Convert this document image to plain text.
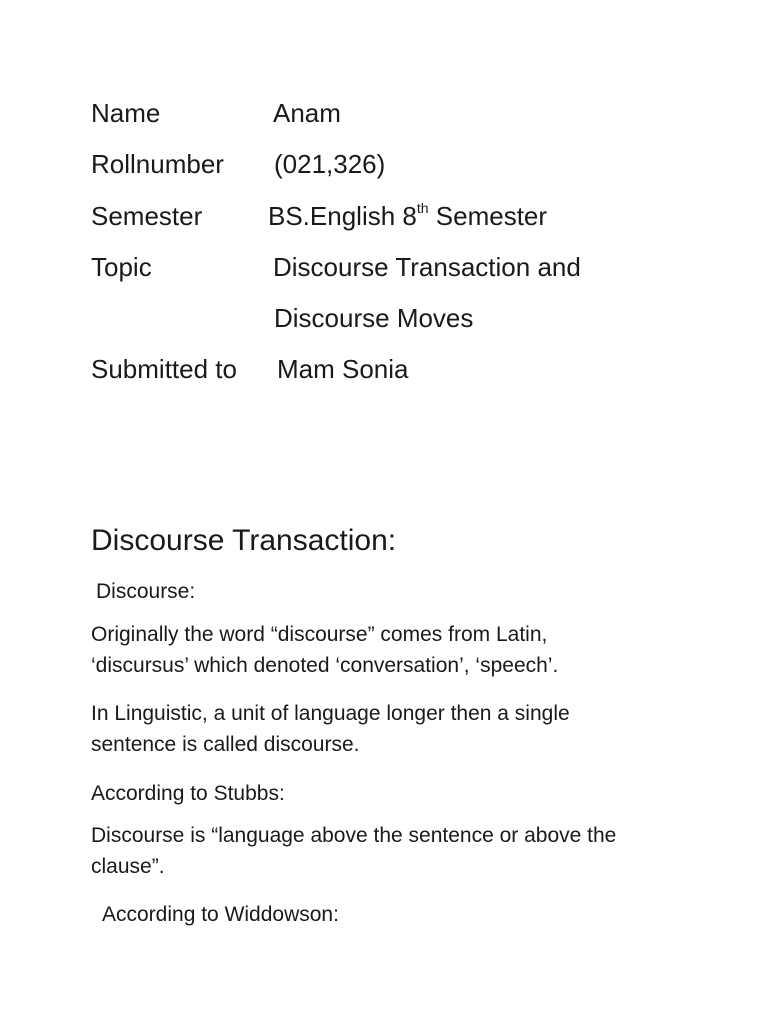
Name	Anam
Rollnumber (021,326)
Semester	BS.English 8th Semester
Topic	Discourse Transaction and
Discourse Moves
Submitted to Mam Sonia
Discourse Transaction:
Discourse:
Originally the word “discourse” comes from Latin,
‘discursus’ which denoted ‘conversation’, ‘speech’.
In Linguistic, a unit of language longer then a single
sentence is called discourse.
According to Stubbs:
Discourse is “language above the sentence or above the
clause”.
According to Widdowson:
